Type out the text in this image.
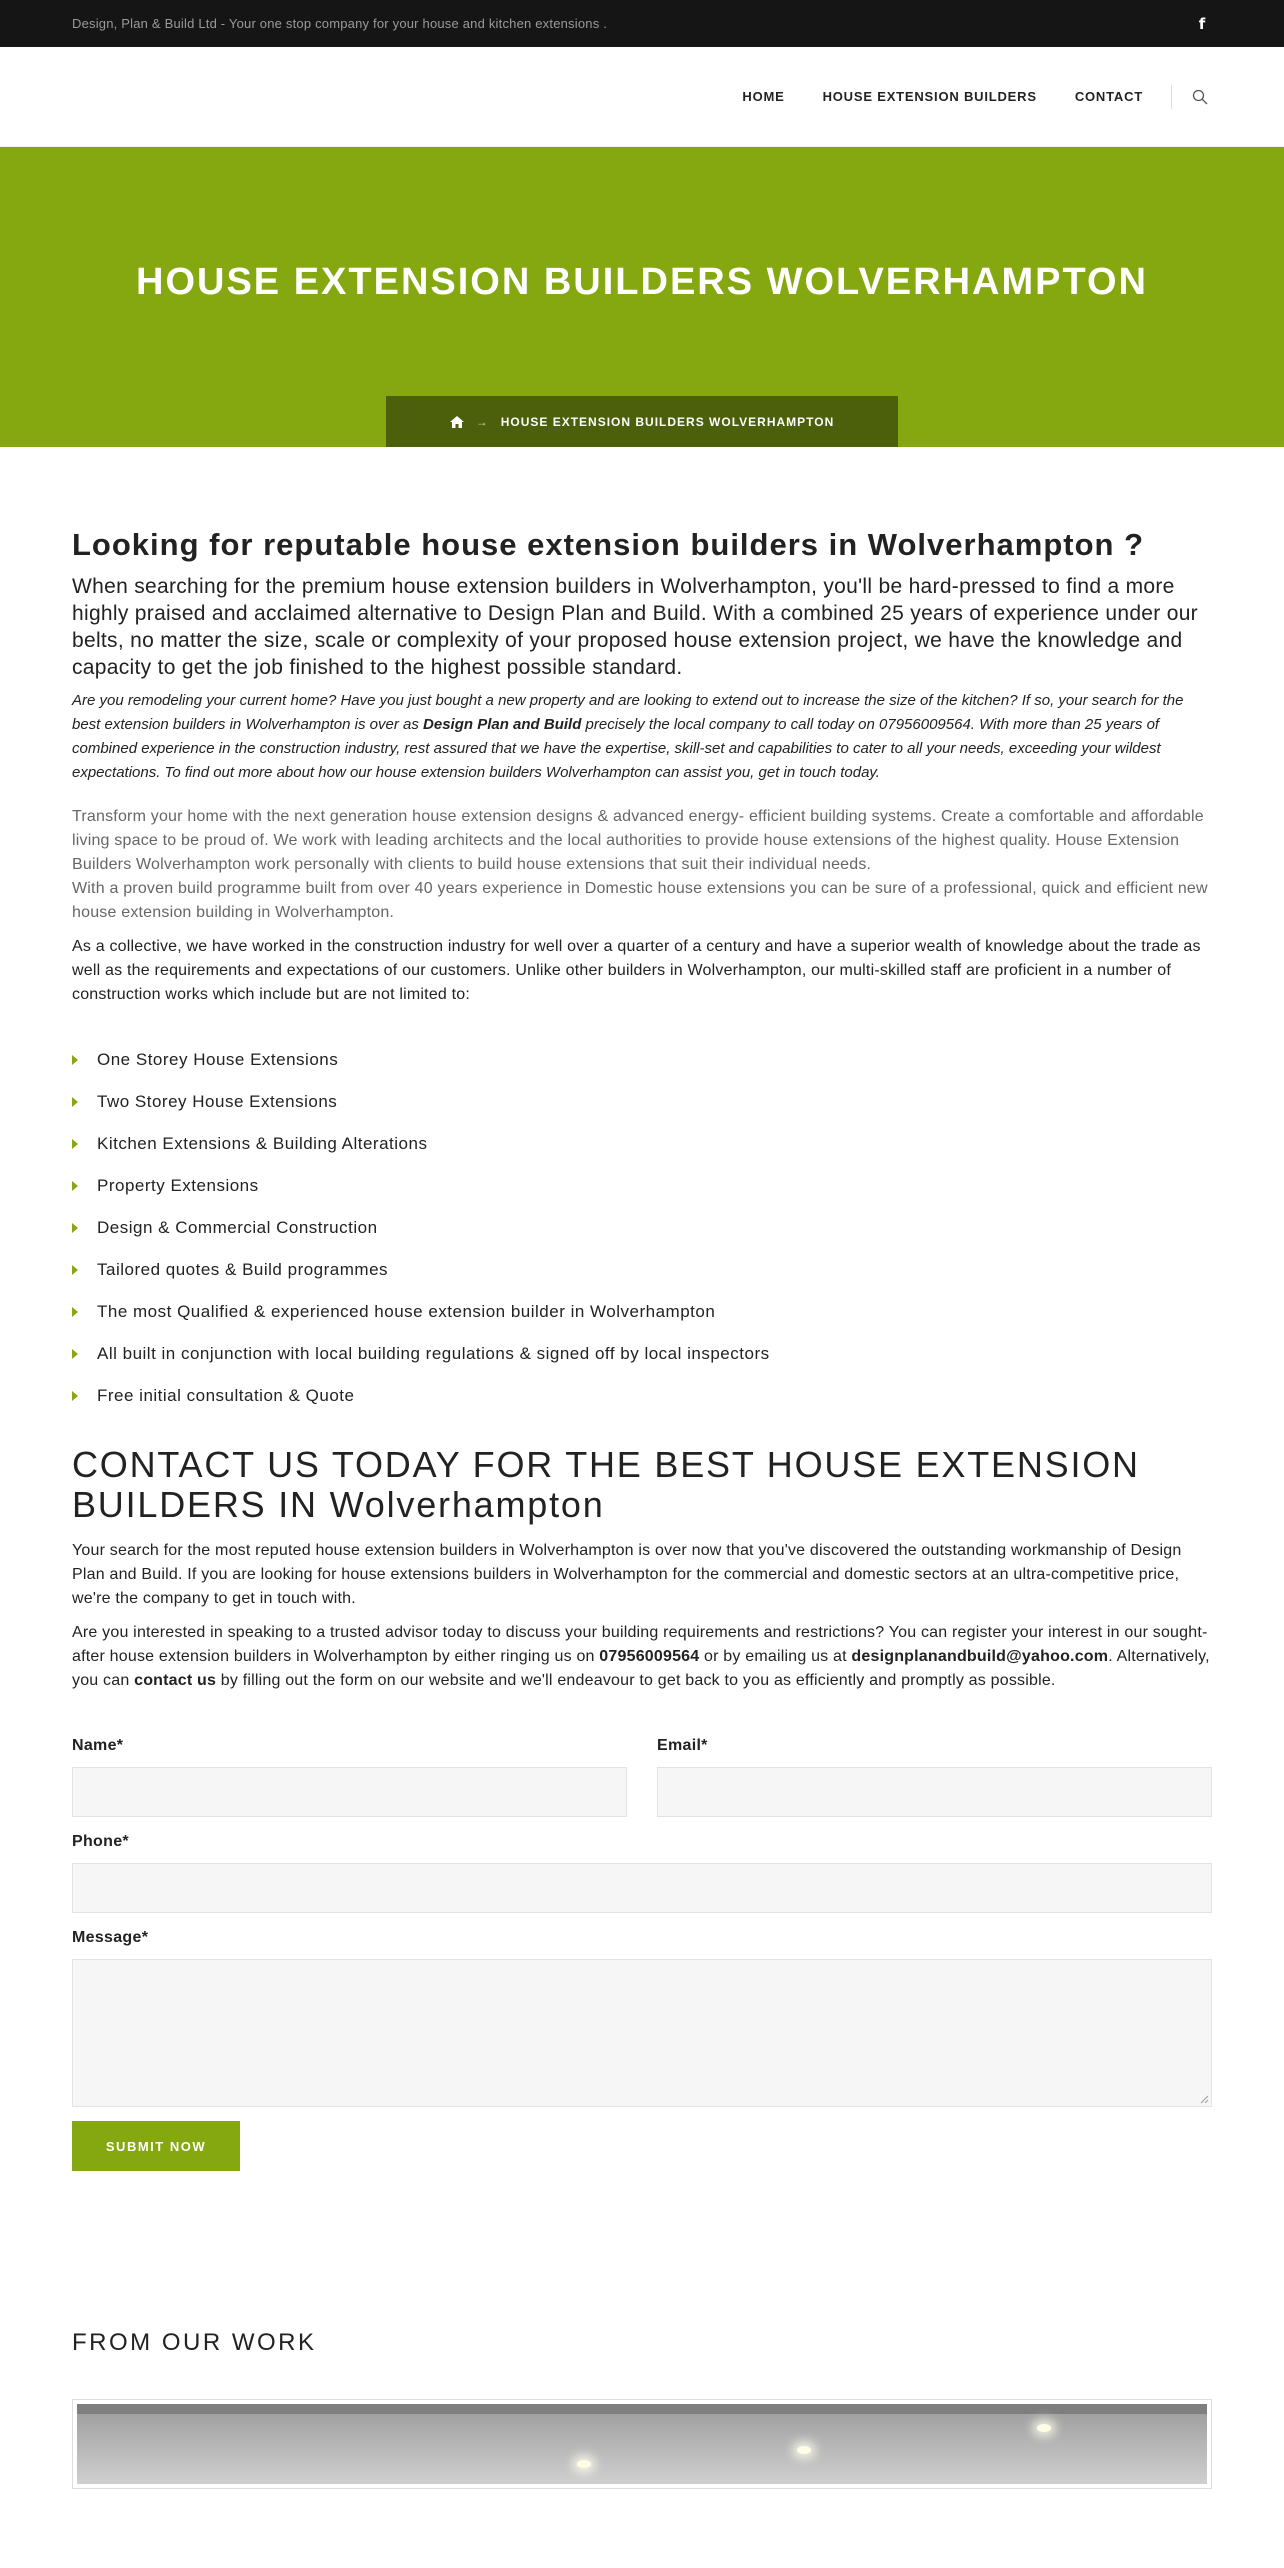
Design, Plan & Build Ltd - Your one stop company for your house and kitchen extensions .	f
HOME	HOUSE EXTENSION BUILDERS	CONTACT
HOUSE EXTENSION BUILDERS WOLVERHAMPTON
→ HOUSE EXTENSION BUILDERS WOLVERHAMPTON
Looking for reputable house extension builders in Wolverhampton ?

When searching for the premium house extension builders in Wolverhampton, you'll be hard-pressed to find a more highly praised and acclaimed alternative to Design Plan and Build. With a combined 25 years of experience under our belts, no matter the size, scale or complexity of your proposed house extension project, we have the knowledge and capacity to get the job finished to the highest possible standard.

Are you remodeling your current home? Have you just bought a new property and are looking to extend out to increase the size of the kitchen? If so, your search for the best extension builders in Wolverhampton is over as Design Plan and Build precisely the local company to call today on 07956009564. With more than 25 years of combined experience in the construction industry, rest assured that we have the expertise, skill-set and capabilities to cater to all your needs, exceeding your wildest expectations. To find out more about how our house extension builders Wolverhampton can assist you, get in touch today.

Transform your home with the next generation house extension designs & advanced energy- efficient building systems. Create a comfortable and affordable living space to be proud of. We work with leading architects and the local authorities to provide house extensions of the highest quality. House Extension Builders Wolverhampton work personally with clients to build house extensions that suit their individual needs.

With a proven build programme built from over 40 years experience in Domestic house extensions you can be sure of a professional, quick and efficient new house extension building in Wolverhampton.

As a collective, we have worked in the construction industry for well over a quarter of a century and have a superior wealth of knowledge about the trade as well as the requirements and expectations of our customers. Unlike other builders in Wolverhampton, our multi-skilled staff are proficient in a number of construction works which include but are not limited to:

One Storey House Extensions
Two Storey House Extensions
Kitchen Extensions & Building Alterations
Property Extensions
Design & Commercial Construction
Tailored quotes & Build programmes
The most Qualified & experienced house extension builder in Wolverhampton
All built in conjunction with local building regulations & signed off by local inspectors
Free initial consultation & Quote
CONTACT US TODAY FOR THE BEST HOUSE EXTENSION BUILDERS IN Wolverhampton

Your search for the most reputed house extension builders in Wolverhampton is over now that you've discovered the outstanding workmanship of Design Plan and Build. If you are looking for house extensions builders in Wolverhampton for the commercial and domestic sectors at an ultra-competitive price, we're the company to get in touch with.

Are you interested in speaking to a trusted advisor today to discuss your building requirements and restrictions? You can register your interest in our sought-after house extension builders in Wolverhampton by either ringing us on 07956009564 or by emailing us at designplanandbuild@yahoo.com. Alternatively, you can contact us by filling out the form on our website and we'll endeavour to get back to you as efficiently and promptly as possible.

Name*	Email*
Phone*
Message*
SUBMIT NOW
FROM OUR WORK
